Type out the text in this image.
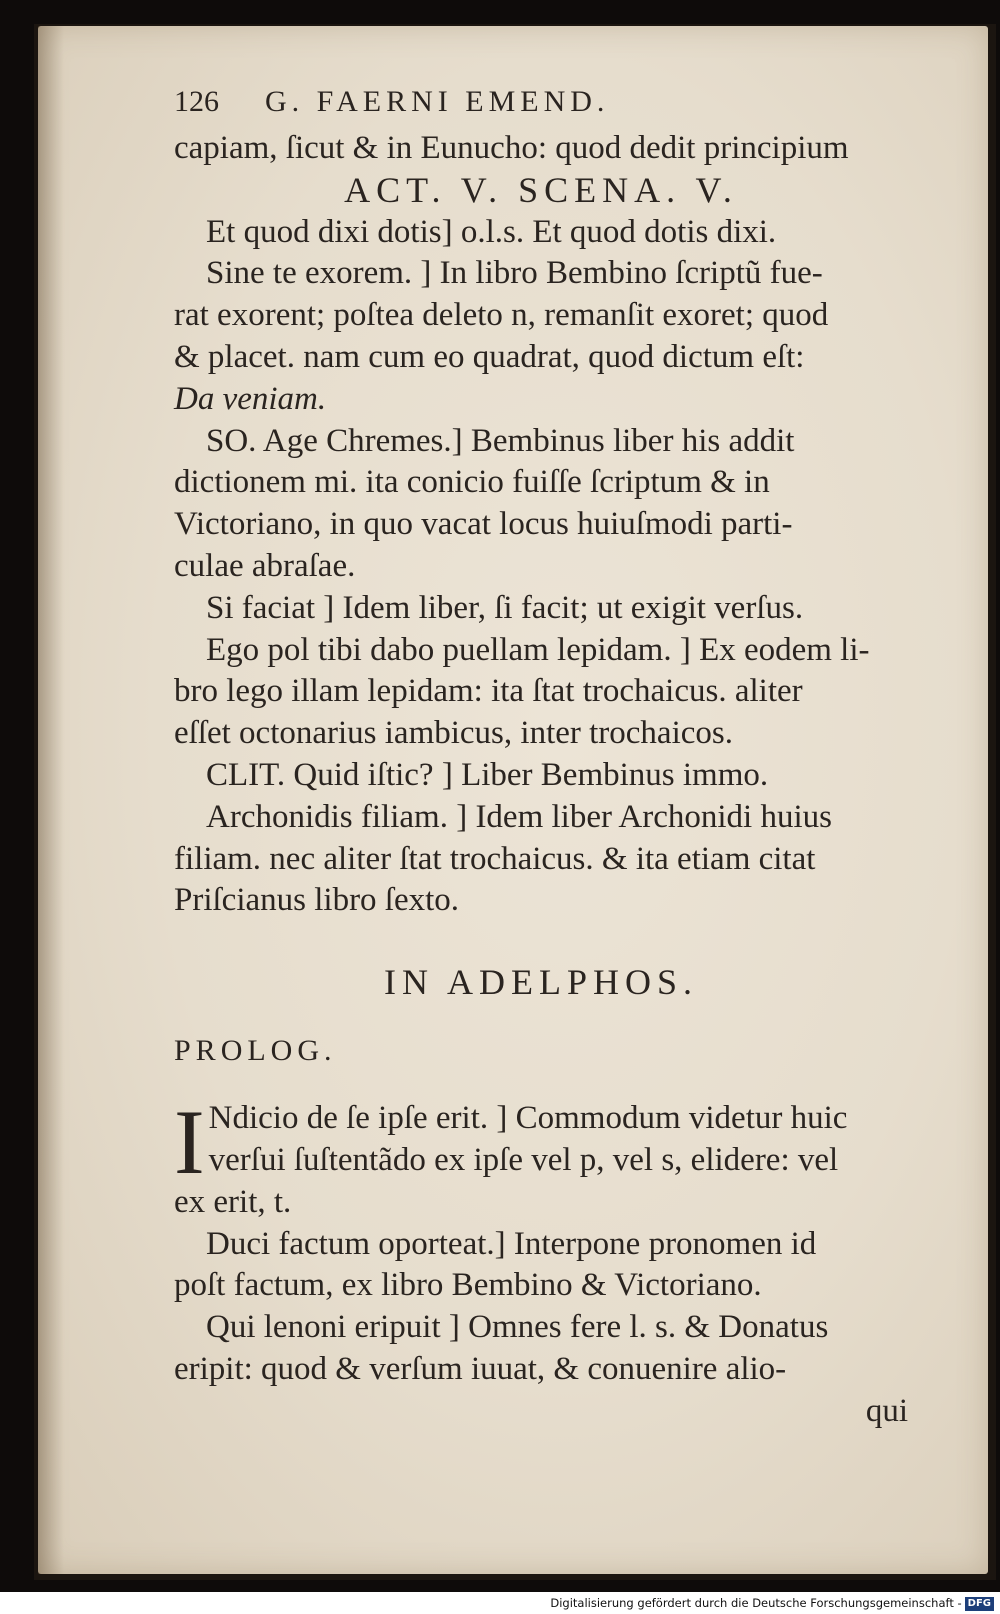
126 G. FAERNI EMEND.
capiam, ſicut & in Eunucho: quod dedit principium
ACT. V. SCENA. V.
Et quod dixi dotis] o.l.s. Et quod dotis dixi.
Sine te exorem. ] In libro Bembino ſcriptũ fue-
rat exorent; poſtea deleto n, remanſit exoret; quod
& placet. nam cum eo quadrat, quod dictum eſt:
Da veniam.
SO. Age Chremes.] Bembinus liber his addit
dictionem mi. ita conicio fuiſſe ſcriptum & in
Victoriano, in quo vacat locus huiuſmodi parti-
culae abraſae.
Si faciat ] Idem liber, ſi facit; ut exigit verſus.
Ego pol tibi dabo puellam lepidam. ] Ex eodem li-
bro lego illam lepidam: ita ſtat trochaicus. aliter
eſſet octonarius iambicus, inter trochaicos.
CLIT. Quid iſtic? ] Liber Bembinus immo.
Archonidis filiam. ] Idem liber Archonidi huius
filiam. nec aliter ſtat trochaicus. & ita etiam citat
Priſcianus libro ſexto.
IN ADELPHOS.
PROLOG.
I Ndicio de ſe ipſe erit. ] Commodum videtur huic
verſui ſuſtentãdo ex ipſe vel p, vel s, elidere: vel
ex erit, t.
Duci factum oporteat.] Interpone pronomen id
poſt factum, ex libro Bembino & Victoriano.
Qui lenoni eripuit ] Omnes fere l. s. & Donatus
eripit: quod & verſum iuuat, & conuenire alio-
qui
Digitalisierung gefördert durch die Deutsche Forschungsgemeinschaft - DFG
